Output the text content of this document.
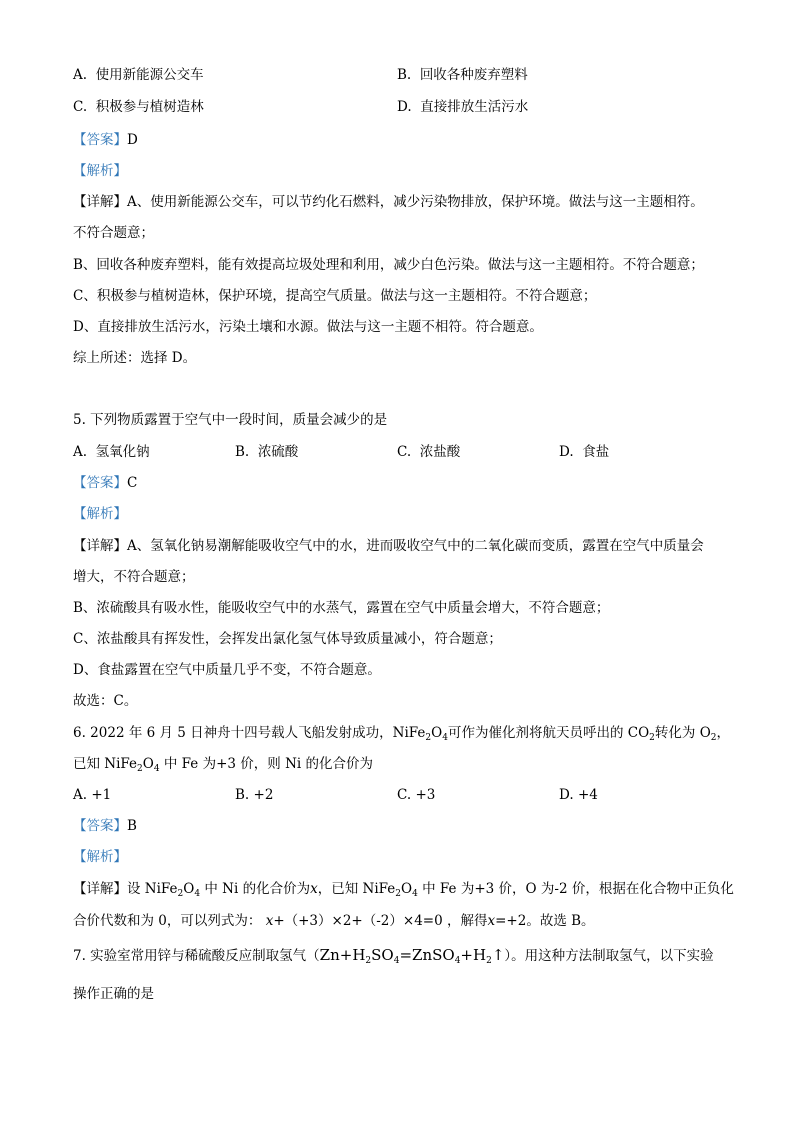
A. 使用新能源公交车	B. 回收各种废弃塑料
C. 积极参与植树造林	D. 直接排放生活污水
【答案】D
【解析】
【详解】A、使用新能源公交车，可以节约化石燃料，减少污染物排放，保护环境。做法与这一主题相符。
不符合题意；
B、回收各种废弃塑料，能有效提高垃圾处理和利用，减少白色污染。做法与这一主题相符。不符合题意；
C、积极参与植树造林，保护环境，提高空气质量。做法与这一主题相符。不符合题意；
D、直接排放生活污水，污染土壤和水源。做法与这一主题不相符。符合题意。
综上所述：选择 D。
5. 下列物质露置于空气中一段时间，质量会减少的是
A. 氢氧化钠	B. 浓硫酸	C. 浓盐酸	D. 食盐
【答案】C
【解析】
【详解】A、氢氧化钠易潮解能吸收空气中的水，进而吸收空气中的二氧化碳而变质，露置在空气中质量会
增大，不符合题意；
B、浓硫酸具有吸水性，能吸收空气中的水蒸气，露置在空气中质量会增大，不符合题意；
C、浓盐酸具有挥发性，会挥发出氯化氢气体导致质量减小，符合题意；
D、食盐露置在空气中质量几乎不变，不符合题意。
故选：C。
6. 2022 年 6 月 5 日神舟十四号载人飞船发射成功，$NiFe_2O_4$可作为催化剂将航天员呼出的 $CO_2$转化为 $O_2$，
已知 $NiFe_2O_4$ 中 Fe 为+3 价，则 Ni 的化合价为
A. +1	B. +2	C. +3	D. +4
【答案】B
【解析】
【详解】设 $NiFe_2O_4$ 中 Ni 的化合价为x，已知 $NiFe_2O_4$ 中 Fe 为+3 价，O 为-2 价，根据在化合物中正负化
合价代数和为 0，可以列式为： x+（+3）×2+（-2）×4=0 ，解得x=+2。故选 B。
7. 实验室常用锌与稀硫酸反应制取氢气$(Zn+H_2SO_4=ZnSO_4+H_2↑)$。用这种方法制取氢气，以下实验
操作正确的是
